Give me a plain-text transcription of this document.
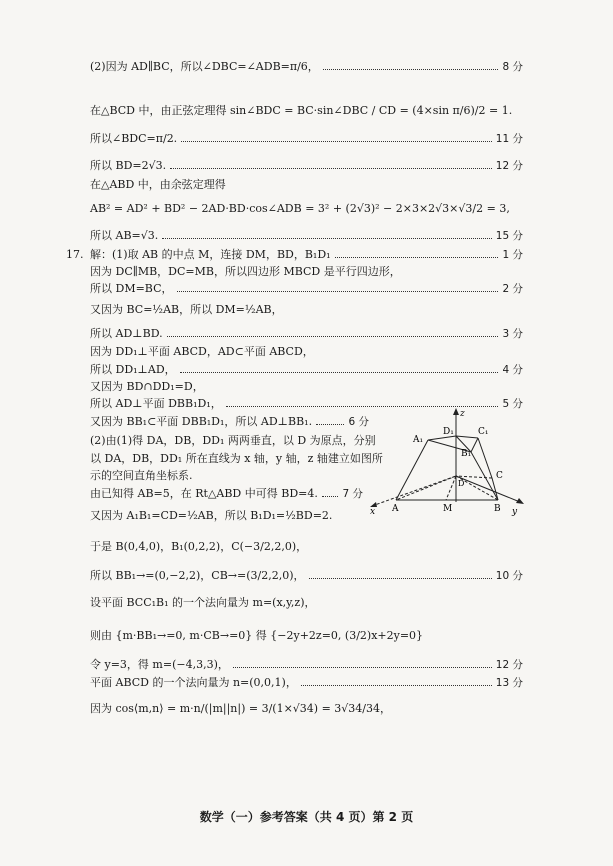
(2)因为 AD∥BC，所以∠DBC=∠ADB=π/6，	8 分
在△BCD 中，由正弦定理得 sin∠BDC = BC·sin∠DBC / CD = (4×sin π/6)/2 = 1.
所以∠BDC=π/2.	11 分
所以 BD=2√3.	12 分
在△ABD 中，由余弦定理得
AB² = AD² + BD² − 2AD·BD·cos∠ADB = 3² + (2√3)² − 2×3×2√3×√3/2 = 3,
所以 AB=√3.	15 分
17. 解：(1)取 AB 的中点 M，连接 DM，BD，B₁D₁	1 分
因为 DC∥MB，DC=MB，所以四边形 MBCD 是平行四边形，
所以 DM=BC，	2 分
又因为 BC=½AB，所以 DM=½AB，
所以 AD⊥BD.	3 分
因为 DD₁⊥平面 ABCD，AD⊂平面 ABCD，
所以 DD₁⊥AD，	4 分
又因为 BD∩DD₁=D，
所以 AD⊥平面 DBB₁D₁，	5 分
又因为 BB₁⊂平面 DBB₁D₁，所以 AD⊥BB₁.	6 分
(2)由(1)得 DA，DB，DD₁ 两两垂直，以 D 为原点，分别
以 DA，DB，DD₁ 所在直线为 x 轴，y 轴，z 轴建立如图所
示的空间直角坐标系.
由已知得 AB=5，在 Rt△ABD 中可得 BD=4. 7 分
又因为 A₁B₁=CD=½AB，所以 B₁D₁=½BD=2.
于是 B(0,4,0)，B₁(0,2,2)，C(−3/2,2,0)，
所以 BB₁→=(0,−2,2)，CB→=(3/2,2,0)，	10 分
设平面 BCC₁B₁ 的一个法向量为 m=(x,y,z)，
则由 {m·BB₁→=0, m·CB→=0} 得 {−2y+2z=0, (3/2)x+2y=0}
令 y=3，得 m=(−4,3,3)，	12 分
平面 ABCD 的一个法向量为 n=(0,0,1)，	13 分
因为 cos⟨m,n⟩ = m·n/(|m||n|) = 3/(1×√34) = 3√34/34，
z
A₁
D₁	C₁
B₁
C
D
x A	M	B y
数学（一）参考答案（共 4 页）第 2 页
